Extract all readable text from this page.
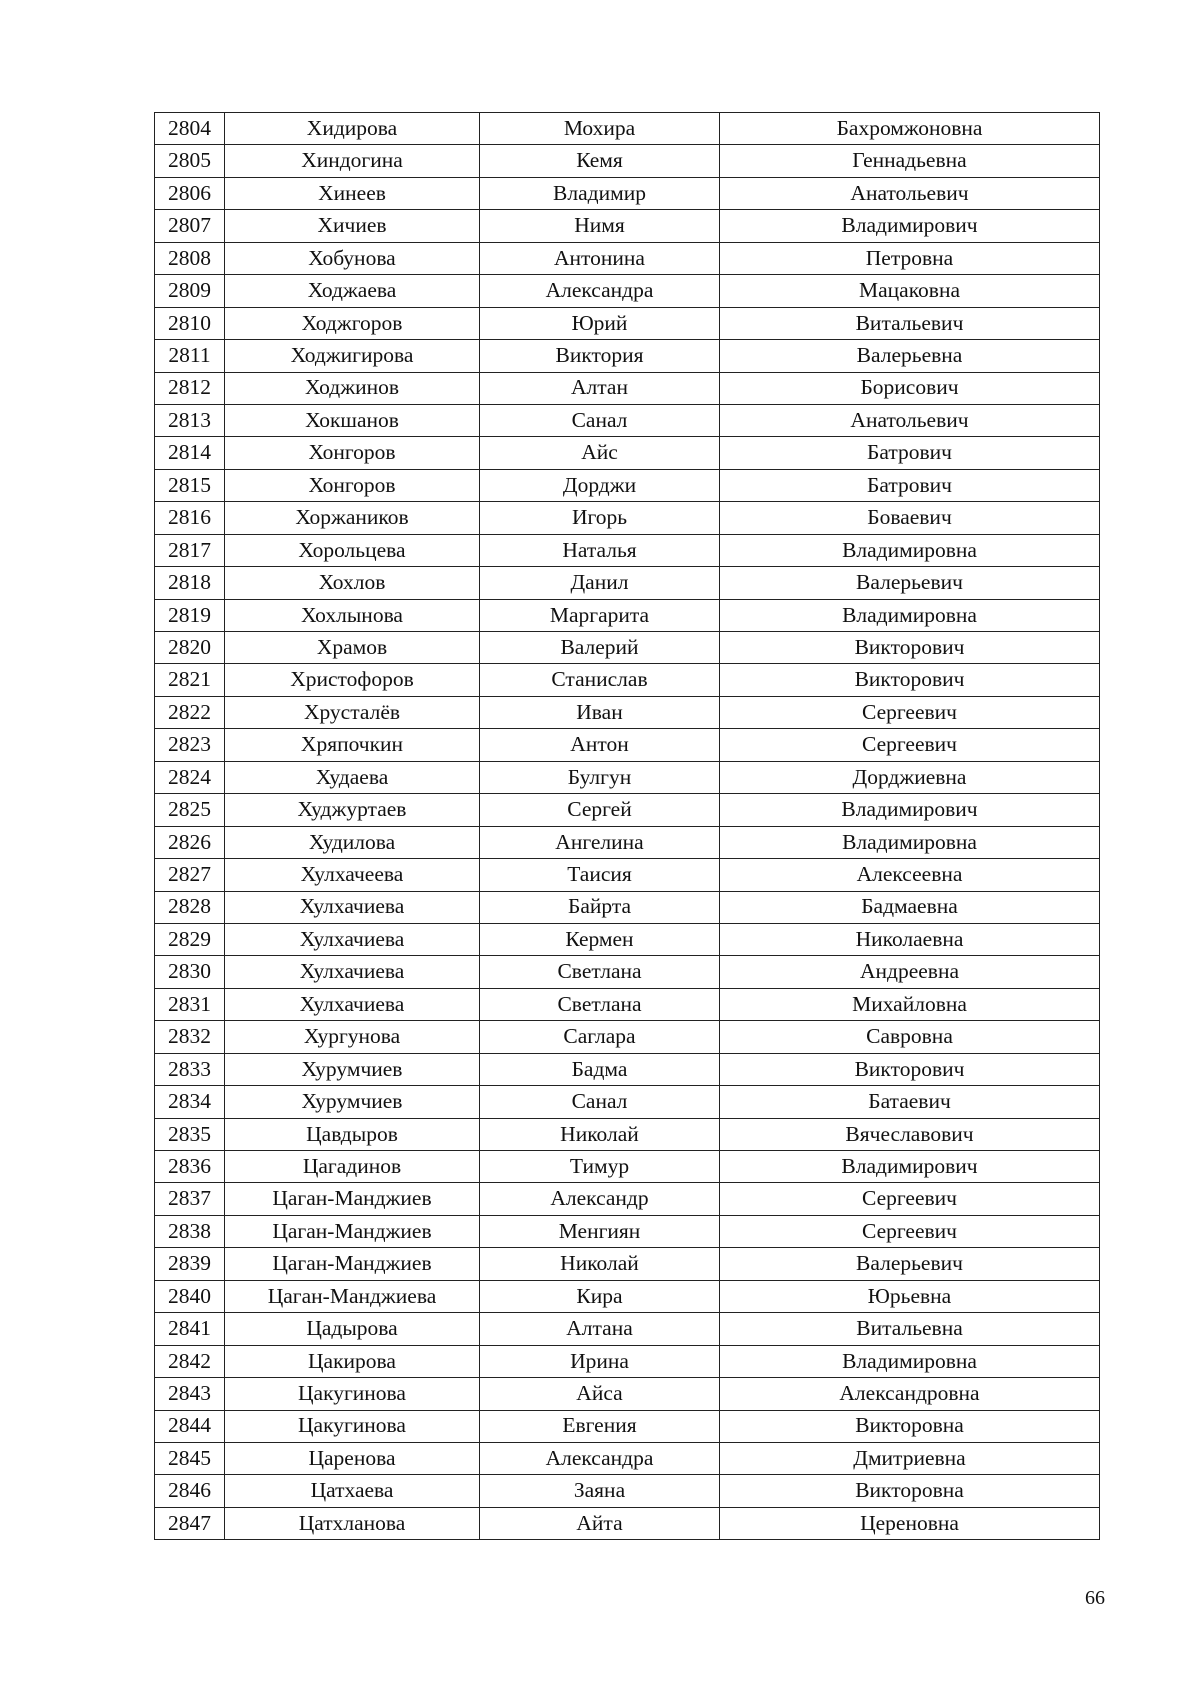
2804	Хидирова	Мохира	Бахромжоновна
2805	Хиндогина	Кемя	Геннадьевна
2806	Хинеев	Владимир	Анатольевич
2807	Хичиев	Нимя	Владимирович
2808	Хобунова	Антонина	Петровна
2809	Ходжаева	Александра	Мацаковна
2810	Ходжгоров	Юрий	Витальевич
2811	Ходжигирова	Виктория	Валерьевна
2812	Ходжинов	Алтан	Борисович
2813	Хокшанов	Санал	Анатольевич
2814	Хонгоров	Айс	Батрович
2815	Хонгоров	Дорджи	Батрович
2816	Хоржаников	Игорь	Боваевич
2817	Хорольцева	Наталья	Владимировна
2818	Хохлов	Данил	Валерьевич
2819	Хохлынова	Маргарита	Владимировна
2820	Храмов	Валерий	Викторович
2821	Христофоров	Станислав	Викторович
2822	Хрусталёв	Иван	Сергеевич
2823	Хряпочкин	Антон	Сергеевич
2824	Худаева	Булгун	Дорджиевна
2825	Худжуртаев	Сергей	Владимирович
2826	Худилова	Ангелина	Владимировна
2827	Хулхачеева	Таисия	Алексеевна
2828	Хулхачиева	Байрта	Бадмаевна
2829	Хулхачиева	Кермен	Николаевна
2830	Хулхачиева	Светлана	Андреевна
2831	Хулхачиева	Светлана	Михайловна
2832	Хургунова	Саглара	Савровна
2833	Хурумчиев	Бадма	Викторович
2834	Хурумчиев	Санал	Батаевич
2835	Цавдыров	Николай	Вячеславович
2836	Цагадинов	Тимур	Владимирович
2837	Цаган-Манджиев	Александр	Сергеевич
2838	Цаган-Манджиев	Менгиян	Сергеевич
2839	Цаган-Манджиев	Николай	Валерьевич
2840	Цаган-Манджиева	Кира	Юрьевна
2841	Цадырова	Алтана	Витальевна
2842	Цакирова	Ирина	Владимировна
2843	Цакугинова	Айса	Александровна
2844	Цакугинова	Евгения	Викторовна
2845	Царенова	Александра	Дмитриевна
2846	Цатхаева	Заяна	Викторовна
2847	Цатхланова	Айта	Цереновна
66
